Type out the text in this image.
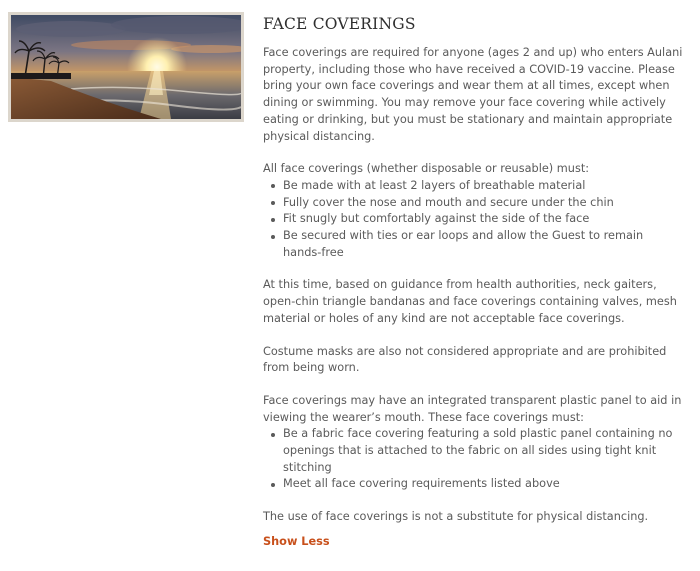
FACE COVERINGS

Face coverings are required for anyone (ages 2 and up) who enters Aulani property, including those who have received a COVID-19 vaccine. Please bring your own face coverings and wear them at all times, except when dining or swimming. You may remove your face covering while actively eating or drinking, but you must be stationary and maintain appropriate physical distancing.

All face coverings (whether disposable or reusable) must:

Be made with at least 2 layers of breathable material
Fully cover the nose and mouth and secure under the chin
Fit snugly but comfortably against the side of the face
Be secured with ties or ear loops and allow the Guest to remain hands-free

At this time, based on guidance from health authorities, neck gaiters, open-chin triangle bandanas and face coverings containing valves, mesh material or holes of any kind are not acceptable face coverings.

Costume masks are also not considered appropriate and are prohibited from being worn.

Face coverings may have an integrated transparent plastic panel to aid in viewing the wearer’s mouth. These face coverings must:

Be a fabric face covering featuring a sold plastic panel containing no openings that is attached to the fabric on all sides using tight knit stitching
Meet all face covering requirements listed above

The use of face coverings is not a substitute for physical distancing.

Show Less
